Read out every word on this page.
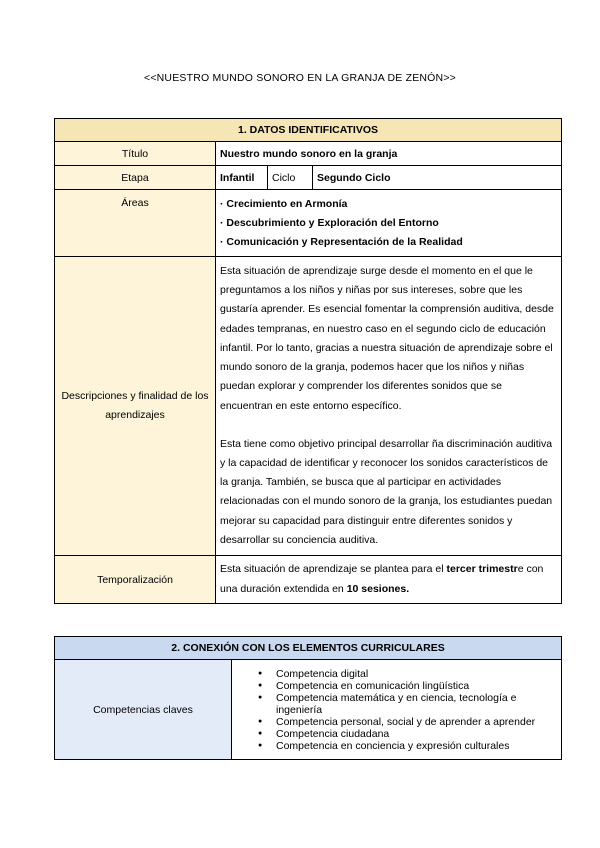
<<NUESTRO MUNDO SONORO EN LA GRANJA DE ZENÓN>>
1. DATOS IDENTIFICATIVOS			
Título	Nuestro mundo sonoro en la granja		
Etapa	Infantil	Ciclo	Segundo Ciclo
Áreas	· Crecimiento en Armonía
· Descubrimiento y Exploración del Entorno
· Comunicación y Representación de la Realidad		

Descripciones y finalidad de los aprendizajes	Esta situación de aprendizaje surge desde el momento en el que le preguntamos a los niños y niñas por sus intereses, sobre que les gustaría aprender. Es esencial fomentar la comprensión auditiva, desde edades tempranas, en nuestro caso en el segundo ciclo de educación infantil. Por lo tanto, gracias a nuestra situación de aprendizaje sobre el mundo sonoro de la granja, podemos hacer que los niños y niñas puedan explorar y comprender los diferentes sonidos que se encuentran en este entorno específico.

Esta tiene como objetivo principal desarrollar ña discriminación auditiva y la capacidad de identificar y reconocer los sonidos característicos de la granja. También, se busca que al participar en actividades relacionadas con el mundo sonoro de la granja, los estudiantes puedan mejorar su capacidad para distinguir entre diferentes sonidos y desarrollar su conciencia auditiva.		

Temporalización	Esta situación de aprendizaje se plantea para el tercer trimestre con una duración extendida en 10 sesiones.		
2. CONEXIÓN CON LOS ELEMENTOS CURRICULARES
Competencias claves	
● Competencia digital
● Competencia en comunicación lingüística
● Competencia matemática y en ciencia, tecnología e ingeniería
● Competencia personal, social y de aprender a aprender
● Competencia ciudadana
● Competencia en conciencia y expresión culturales
